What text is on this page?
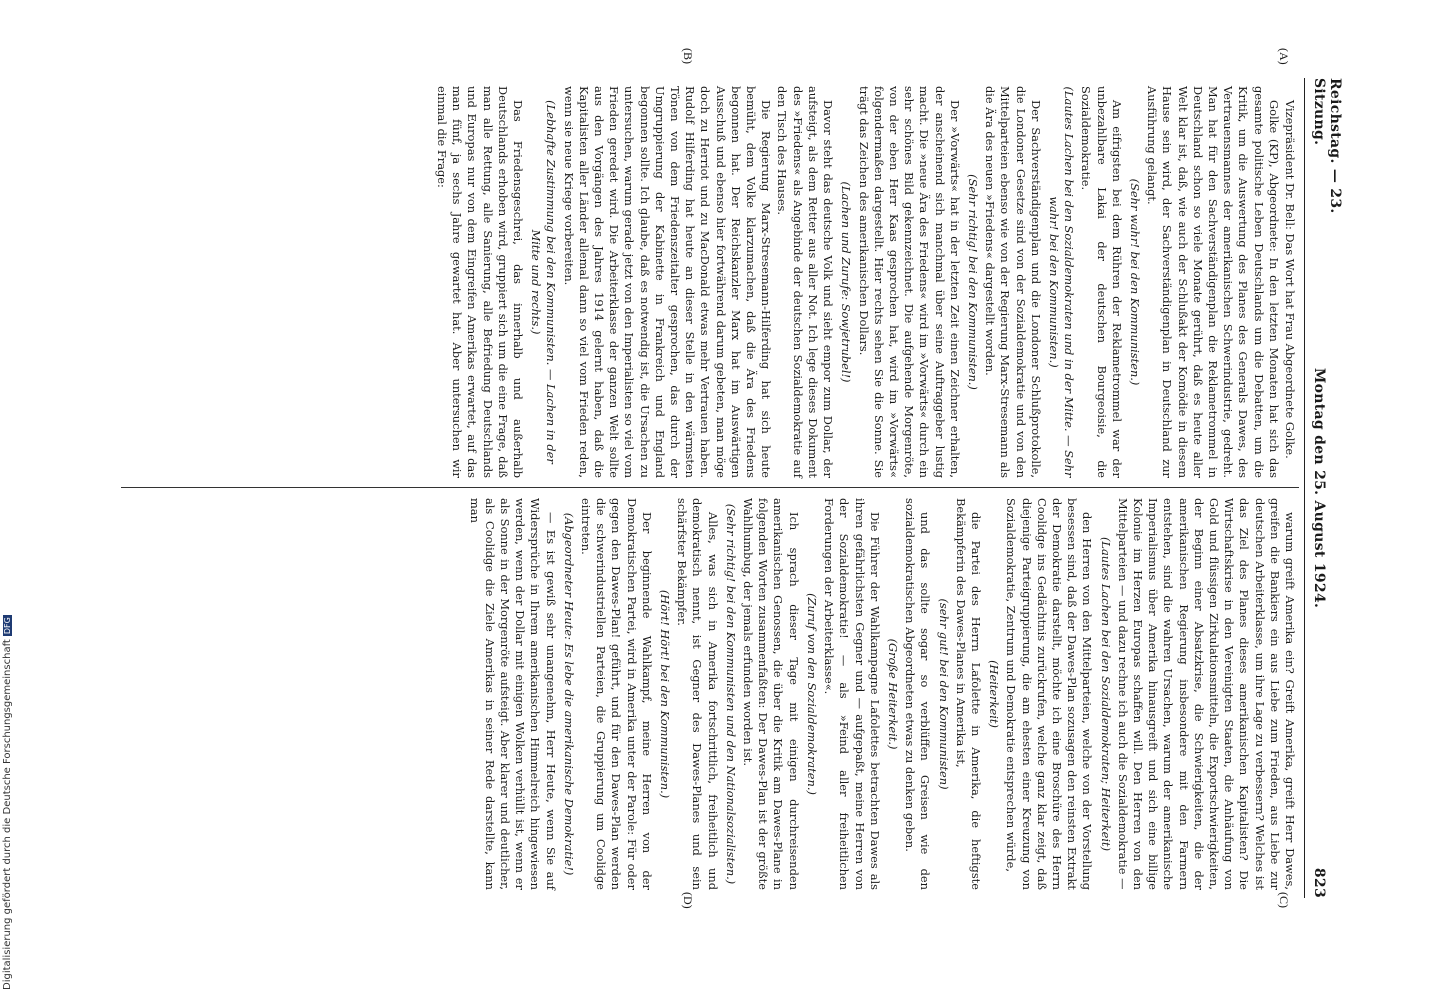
Reichstag. — 23. Sitzung.
Montag den 25. August 1924.
823
(A)
(B)
(C)
(D)

Vizepräsident Dr. Bell: Das Wort hat Frau Abgeordnete Golke.

Golke (KP), Abgeordnete: In den letzten Monaten hat sich das gesamte politische Leben Deutschlands um die Debatten, um die Kritik, um die Auswertung des Planes des Generals Dawes, des Vertrauensmannes der amerikanischen Schwerindustrie, gedreht. Man hat für den Sachverständigenplan die Reklametrommel in Deutschland schon so viele Monate gerührt, daß es heute aller Welt klar ist, daß, wie auch der Schlußakt der Komödie in diesem Hause sein wird, der Sachverständigenplan in Deutschland zur Ausführung gelangt.

(Sehr wahr! bei den Kommunisten.)

Am eifrigsten bei dem Rühren der Reklametrommel war der unbezahlbare Lakai der deutschen Bourgeoisie, die Sozialdemokratie.

(Lautes Lachen bei den Sozialdemokraten und in der Mitte. — Sehr wahr! bei den Kommunisten.)

Der Sachverständigenplan und die Londoner Schlußprotokolle, die Londoner Gesetze sind von der Sozialdemokratie und von den Mittelparteien ebenso wie von der Regierung Marx-Stresemann als die Ära des neuen »Friedens« dargestellt worden.

(Sehr richtig! bei den Kommunisten.)

Der »Vorwärts« hat in der letzten Zeit einen Zeichner erhalten, der anscheinend sich manchmal über seine Auftraggeber lustig macht. Die »neue Ära des Friedens« wird im »Vorwärts« durch ein sehr schönes Bild gekennzeichnet. Die aufgehende Morgenröte, von der eben Herr Kaas gesprochen hat, wird im »Vorwärts« folgendermaßen dargestellt. Hier rechts sehen Sie die Sonne. Sie trägt das Zeichen des amerikanischen Dollars.

(Lachen und Zurufe: Sowjetrubel!)

Davor steht das deutsche Volk und sieht empor zum Dollar, der aufsteigt, als dem Retter aus aller Not. Ich lege dieses Dokument des »Friedens« als Angebinde der deutschen Sozialdemokratie auf den Tisch des Hauses.

Die Regierung Marx-Stresemann-Hilferding hat sich heute bemüht, dem Volke klarzumachen, daß die Ära des Friedens begonnen hat. Der Reichskanzler Marx hat im Auswärtigen Ausschuß und ebenso hier fortwährend darum gebeten, man möge doch zu Herriot und zu MacDonald etwas mehr Vertrauen haben. Rudolf Hilferding hat heute an dieser Stelle in den wärmsten Tönen von dem Friedenszeitalter gesprochen, das durch der Umgruppierung der Kabinette in Frankreich und England begonnen sollte. Ich glaube, daß es notwendig ist, die Ursachen zu untersuchen, warum gerade jetzt von den Imperialisten so viel vom Frieden geredet wird. Die Arbeiterklasse der ganzen Welt sollte aus den Vorgängen des Jahres 1914 gelernt haben, daß die Kapitalisten aller Länder allemal dann so viel vom Frieden reden, wenn sie neue Kriege vorbereiten.

(Lebhafte Zustimmung bei den Kommunisten. — Lachen in der Mitte und rechts.)

Das Friedensgeschrei, das innerhalb und außerhalb Deutschlands erhoben wird, gruppiert sich um die eine Frage, daß man alle Rettung, alle Sanierung, alle Befriedung Deutschlands und Europas nur von dem Eingreifen Amerikas erwartet, auf das man fünf, ja sechs Jahre gewartet hat. Aber untersuchen wir einmal die Frage:

warum greift Amerika ein? Greift Amerika, greift Herr Dawes, greifen die Bankiers ein aus Liebe zum Frieden, aus Liebe zur deutschen Arbeiterklasse, um ihre Lage zu verbessern? Welches ist das Ziel des Planes dieses amerikanischen Kapitalisten? Die Wirtschaftskrise in den Vereinigten Staaten, die Anhäufung von Gold und flüssigen Zirkulationsmitteln, die Exportschwierigkeiten, der Beginn einer Absatzkrise, die Schwierigkeiten, die der amerikanischen Regierung insbesondere mit den Farmern entstehen, sind die wahren Ursachen, warum der amerikanische Imperialismus über Amerika hinausgreift und sich eine billige Kolonie im Herzen Europas schaffen will. Den Herren von den Mittelparteien — und dazu rechne ich auch die Sozialdemokratie —

(Lautes Lachen bei den Sozialdemokraten; Heiterkeit)

den Herren von den Mittelparteien, welche von der Vorstellung besessen sind, daß der Dawes-Plan sozusagen den reinsten Extrakt der Demokratie darstellt, möchte ich eine Broschüre des Herrn Coolidge ins Gedächtnis zurückrufen, welche ganz klar zeigt, daß diejenige Parteigruppierung, die am ehesten einer Kreuzung von Sozialdemokratie, Zentrum und Demokratie entsprechen würde,

(Heiterkeit)

die Partei des Herrn Lafolette in Amerika, die heftigste Bekämpferin des Dawes-Planes in Amerika ist,

(sehr gut! bei den Kommunisten)

und das sollte sogar so verblüffen Greisen wie den sozialdemokratischen Abgeordneten etwas zu denken geben.

(Große Heiterkeit.)

Die Führer der Wahlkampagne Lafolettes betrachten Dawes als ihren gefährlichsten Gegner und — aufgepaßt, meine Herren von der Sozialdemokratie! — als »Feind aller freiheitlichen Forderungen der Arbeiterklasse«.

(Zuruf von den Sozialdemokraten.)

Ich sprach dieser Tage mit einigen durchreisenden amerikanischen Genossen, die über die Kritik am Dawes-Plane in folgenden Worten zusammenfaßten: Der Dawes-Plan ist der größte Wahlhumbug, der jemals erfunden worden ist.

(Sehr richtig! bei den Kommunisten und den Nationalsozialisten.)

Alles, was sich in Amerika fortschrittlich, freiheitlich und demokratisch nennt, ist Gegner des Dawes-Planes und sein schärfster Bekämpfer.

(Hört! Hört! bei den Kommunisten.)

Der beginnende Wahlkampf, meine Herren von der Demokratischen Partei, wird in Amerika unter der Parole: Für oder gegen den Dawes-Plan! geführt, und für den Dawes-Plan werden die schwerindustriellen Parteien, die Gruppierung um Coolidge eintreten.

(Abgeordneter Heute: Es lebe die amerikanische Demokratie!)

— Es ist gewiß sehr unangenehm, Herr Heute, wenn Sie auf Widersprüche in Ihrem amerikanischen Himmelreich hingewiesen werden, wenn der Dollar mit einigen Wolken verhüllt ist, wenn er als Sonne in der Morgenröte aufsteigt. Aber klarer und deutlicher, als Coolidge die Ziele Amerikas in seiner Rede darstellte, kann man

Digitalisierung gefördert durch die Deutsche ForschungsgemeinschaftDFG
